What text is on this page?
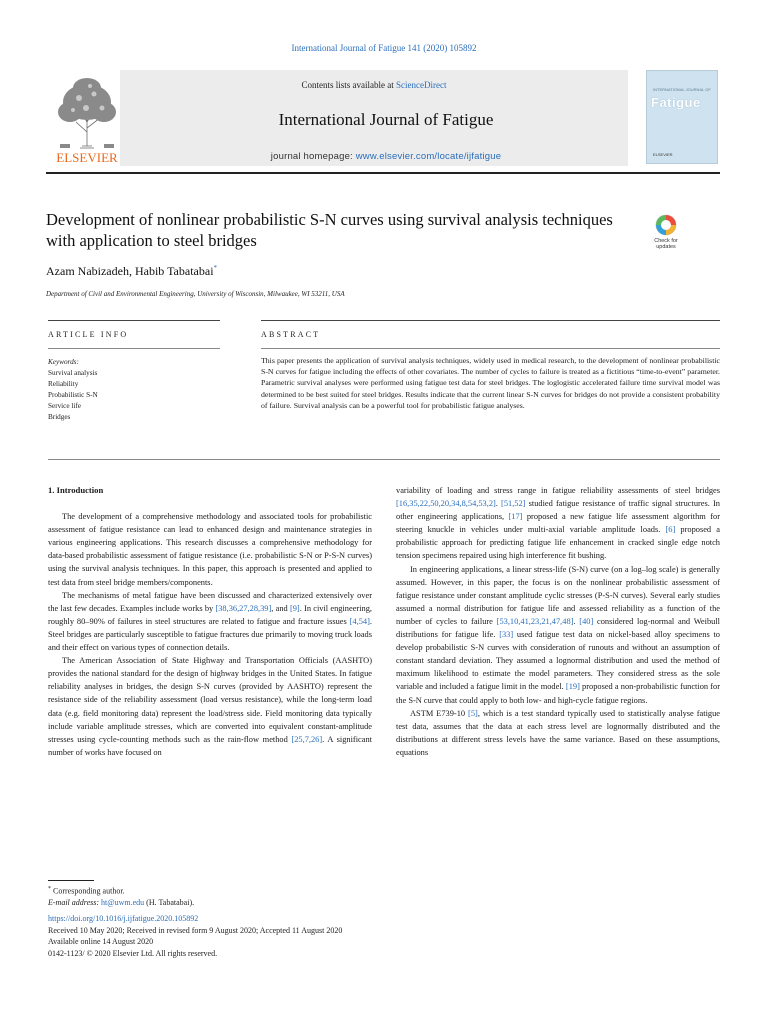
International Journal of Fatigue 141 (2020) 105892
Contents lists available at ScienceDirect
International Journal of Fatigue
journal homepage: www.elsevier.com/locate/ijfatigue
ELSEVIER
INTERNATIONAL JOURNAL OF
Fatigue
ELSEVIER
Development of nonlinear probabilistic S-N curves using survival analysis techniques with application to steel bridges	Check for
updates
Azam Nabizadeh, Habib Tabatabai*
Department of Civil and Environmental Engineering, University of Wisconsin, Milwaukee, WI 53211, USA
ARTICLE INFO	ABSTRACT
Keywords:
Survival analysis
Reliability
Probabilistic S-N
Service life
Bridges
This paper presents the application of survival analysis techniques, widely used in medical research, to the development of nonlinear probabilistic S-N curves for fatigue including the effects of other covariates. The number of cycles to failure is treated as a fictitious “time-to-event” parameter. Parametric survival analyses were performed using fatigue test data for steel bridges. The loglogistic accelerated failure time survival model was determined to be best suited for steel bridges. Results indicate that the current linear S-N curves for bridges do not provide a consistent probability of failure. Survival analysis can be a powerful tool for probabilistic fatigue analyses.

1. Introduction

The development of a comprehensive methodology and associated tools for probabilistic assessment of fatigue resistance can lead to enhanced design and maintenance strategies in various engineering applications. This research discusses a comprehensive methodology for data-based probabilistic assessment of fatigue resistance (i.e. probabilistic S-N or P-S-N curves) using the survival analysis techniques. In this paper, this approach is presented and applied to test data from steel bridge members/components.

The mechanisms of metal fatigue have been discussed and characterized extensively over the last few decades. Examples include works by [38,36,27,28,39], and [9]. In civil engineering, roughly 80–90% of failures in steel structures are related to fatigue and fracture issues [4,54]. Steel bridges are particularly susceptible to fatigue fractures due primarily to moving truck loads and their effect on various types of connection details.

The American Association of State Highway and Transportation Officials (AASHTO) provides the national standard for the design of highway bridges in the United States. In fatigue reliability analyses in bridges, the design S-N curves (provided by AASHTO) represent the resistance side of the reliability assessment (load versus resistance), while the long-term load data (e.g. field monitoring data) represent the load/stress side. Field monitoring data typically include variable amplitude stresses, which are converted into equivalent constant-amplitude stresses using cycle-counting methods such as the rain-flow method [25,7,26]. A significant number of works have focused on

variability of loading and stress range in fatigue reliability assessments of steel bridges [16,35,22,50,20,34,8,54,53,2]. [51,52] studied fatigue resistance of traffic signal structures. In other engineering applications, [17] proposed a new fatigue life assessment algorithm for steering knuckle in vehicles under multi-axial variable amplitude loads. [6] proposed a probabilistic approach for predicting fatigue life enhancement in cracked single edge notch tension specimens repaired using high interference fit bushing.

In engineering applications, a linear stress-life (S-N) curve (on a log–log scale) is generally assumed. However, in this paper, the focus is on the nonlinear probabilistic assessment of fatigue resistance under constant amplitude cyclic stresses (P-S-N curves). Several early studies assumed a normal distribution for fatigue life and assessed reliability as a function of the number of cycles to failure [53,10,41,23,21,47,48]. [40] considered log-normal and Weibull distributions for fatigue life. [33] used fatigue test data on nickel-based alloy specimens to develop probabilistic S-N curves with consideration of runouts and without an assumption of constant standard deviation. They assumed a lognormal distribution and used the method of maximum likelihood to estimate the model parameters. They considered stress as the sole variable and included a fatigue limit in the model. [19] proposed a non-probabilistic function for the S-N curve that could apply to both low- and high-cycle fatigue regions.

ASTM E739-10 [5], which is a test standard typically used to statistically analyse fatigue test data, assumes that the data at each stress level are lognormally distributed and the distributions at different stress levels have the same variance. Based on these assumptions, equations

* Corresponding author.
E-mail address: ht@uwm.edu (H. Tabatabai).
https://doi.org/10.1016/j.ijfatigue.2020.105892
Received 10 May 2020; Received in revised form 9 August 2020; Accepted 11 August 2020
Available online 14 August 2020
0142-1123/ © 2020 Elsevier Ltd. All rights reserved.
